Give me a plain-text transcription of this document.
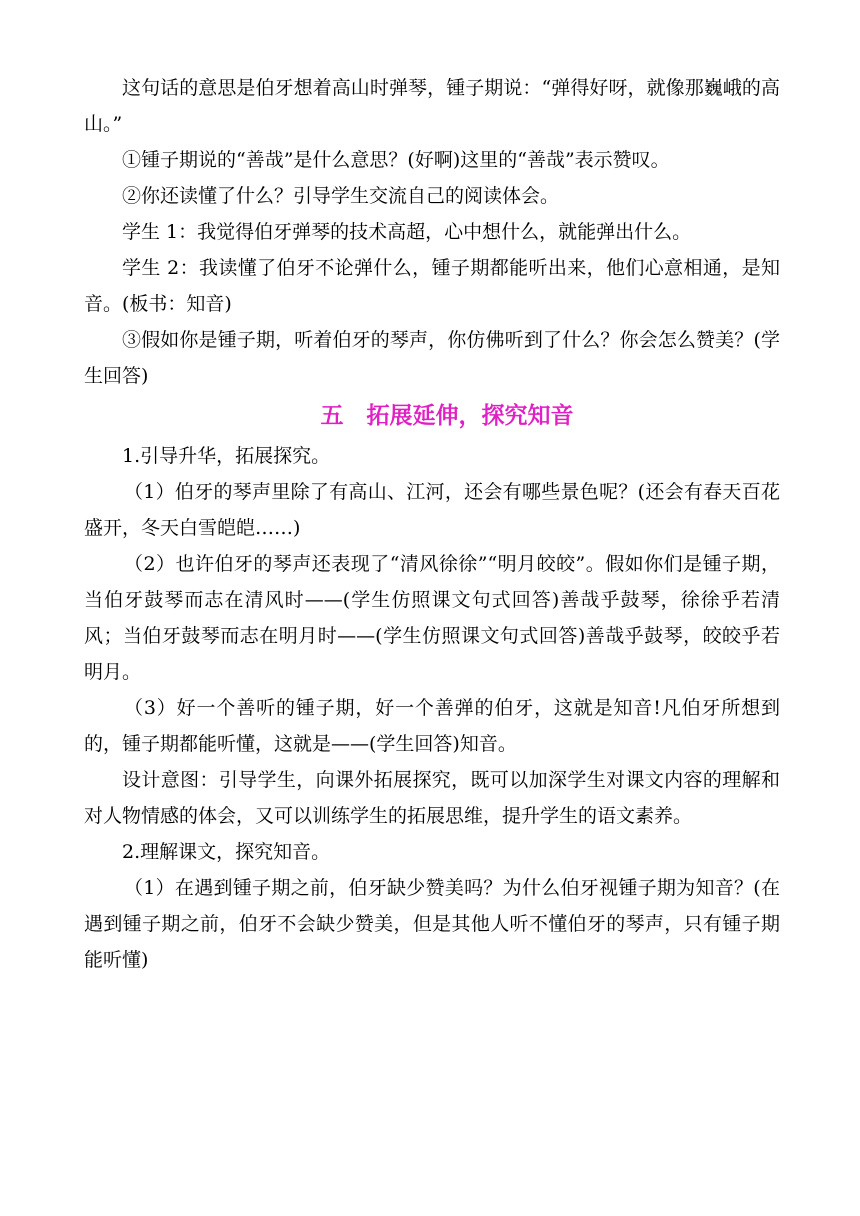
这句话的意思是伯牙想着高山时弹琴，锺子期说：“弹得好呀，就像那巍峨的高山。”

①锺子期说的“善哉”是什么意思？(好啊)这里的“善哉”表示赞叹。

②你还读懂了什么？引导学生交流自己的阅读体会。

学生 1：我觉得伯牙弹琴的技术高超，心中想什么，就能弹出什么。

学生 2：我读懂了伯牙不论弹什么，锺子期都能听出来，他们心意相通，是知音。(板书：知音)

③假如你是锺子期，听着伯牙的琴声，你仿佛听到了什么？你会怎么赞美？(学生回答)

五　拓展延伸，探究知音

1.引导升华，拓展探究。

（1）伯牙的琴声里除了有高山、江河，还会有哪些景色呢？(还会有春天百花盛开，冬天白雪皑皑……)

（2）也许伯牙的琴声还表现了“清风徐徐”“明月皎皎”。假如你们是锺子期，当伯牙鼓琴而志在清风时——(学生仿照课文句式回答)善哉乎鼓琴，徐徐乎若清风；当伯牙鼓琴而志在明月时——(学生仿照课文句式回答)善哉乎鼓琴，皎皎乎若明月。

（3）好一个善听的锺子期，好一个善弹的伯牙，这就是知音!凡伯牙所想到的，锺子期都能听懂，这就是——(学生回答)知音。

设计意图：引导学生，向课外拓展探究，既可以加深学生对课文内容的理解和对人物情感的体会，又可以训练学生的拓展思维，提升学生的语文素养。

2.理解课文，探究知音。

（1）在遇到锺子期之前，伯牙缺少赞美吗？为什么伯牙视锺子期为知音？(在遇到锺子期之前，伯牙不会缺少赞美，但是其他人听不懂伯牙的琴声，只有锺子期能听懂)
